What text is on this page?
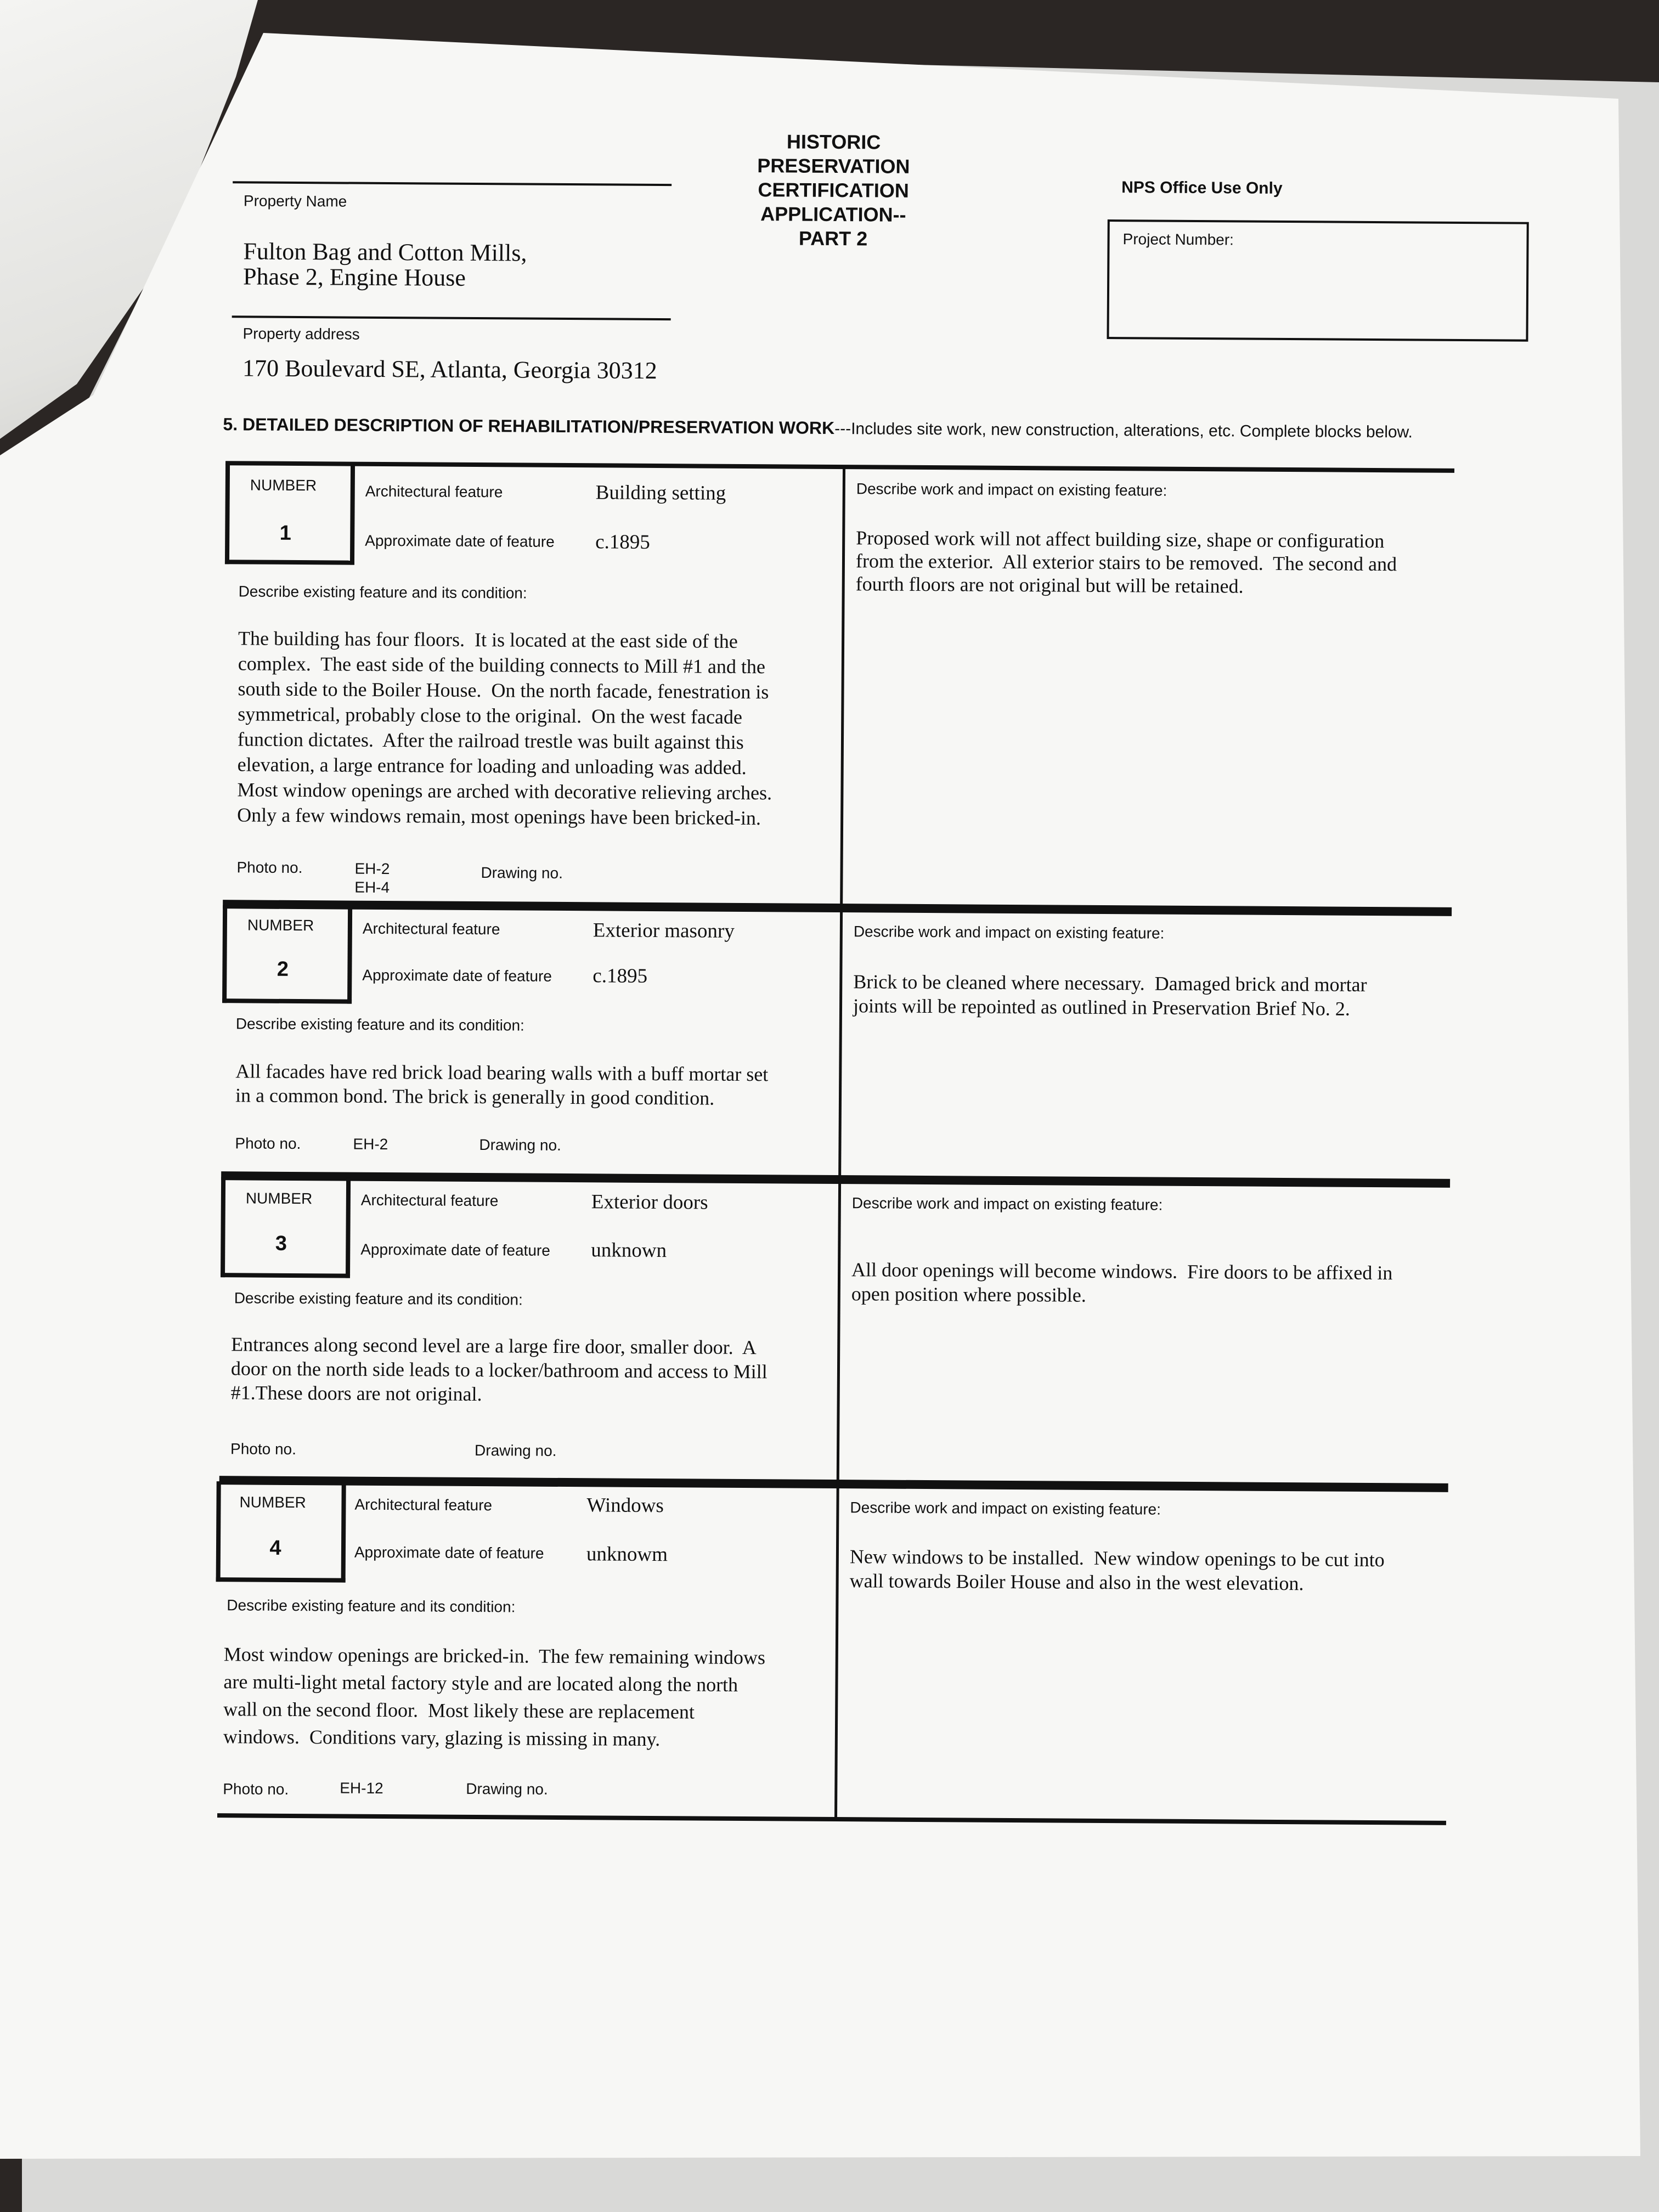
HISTORIC PRESERVATION
CERTIFICATION APPLICATION--
PART 2
Property Name
Fulton Bag and Cotton Mills,
Phase 2, Engine House
Property address
170 Boulevard SE, Atlanta, Georgia 30312
NPS Office Use Only
Project Number:
5. DETAILED DESCRIPTION OF REHABILITATION/PRESERVATION WORK---Includes site work, new construction, alterations, etc. Complete blocks below.
NUMBER
1
Architectural feature	Building setting
Approximate date of feature c.1895
Describe existing feature and its condition:
The building has four floors.  It is located at the east side of the
complex.  The east side of the building connects to Mill #1 and the
south side to the Boiler House.  On the north facade, fenestration is
symmetrical, probably close to the original.  On the west facade
function dictates.  After the railroad trestle was built against this
elevation, a large entrance for loading and unloading was added.
Most window openings are arched with decorative relieving arches.
Only a few windows remain, most openings have been bricked-in.
Photo no.	EH-2
EH-4
Drawing no.
Describe work and impact on existing feature:
Proposed work will not affect building size, shape or configuration
from the exterior.  All exterior stairs to be removed.  The second and
fourth floors are not original but will be retained.
NUMBER
2
Architectural feature	Exterior masonry
Approximate date of feature c.1895
Describe existing feature and its condition:
All facades have red brick load bearing walls with a buff mortar set
in a common bond. The brick is generally in good condition.
Photo no.	EH-2	Drawing no.
Describe work and impact on existing feature:
Brick to be cleaned where necessary.  Damaged brick and mortar
joints will be repointed as outlined in Preservation Brief No. 2.
NUMBER
3
Architectural feature	Exterior doors
Approximate date of feature unknown
Describe existing feature and its condition:
Entrances along second level are a large fire door, smaller door.  A
door on the north side leads to a locker/bathroom and access to Mill
#1.These doors are not original.
Photo no.	Drawing no.
Describe work and impact on existing feature:
All door openings will become windows.  Fire doors to be affixed in
open position where possible.
NUMBER
4
Architectural feature	Windows
Approximate date of feature unknowm
Describe existing feature and its condition:
Most window openings are bricked-in.  The few remaining windows
are multi-light metal factory style and are located along the north
wall on the second floor.  Most likely these are replacement
windows.  Conditions vary, glazing is missing in many.
Photo no.	EH-12	Drawing no.
Describe work and impact on existing feature:
New windows to be installed.  New window openings to be cut into
wall towards Boiler House and also in the west elevation.
